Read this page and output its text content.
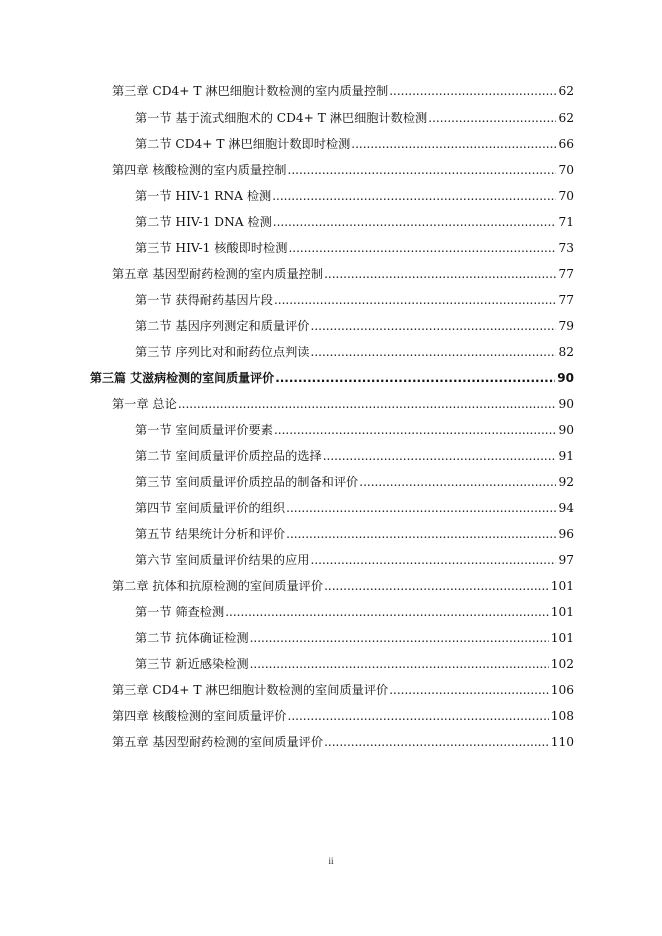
第三章 CD4+ T 淋巴细胞计数检测的室内质量控制 .....	62
第一节 基于流式细胞术的 CD4+ T 淋巴细胞计数检测 .....	62
第二节 CD4+ T 淋巴细胞计数即时检测 .....	66
第四章 核酸检测的室内质量控制 .....	70
第一节 HIV-1 RNA 检测 .....	70
第二节 HIV-1 DNA 检测 .....	71
第三节 HIV-1 核酸即时检测 .....	73
第五章 基因型耐药检测的室内质量控制 .....	77
第一节 获得耐药基因片段 .....	77
第二节 基因序列测定和质量评价 .....	79
第三节 序列比对和耐药位点判读 .....	82
第三篇 艾滋病检测的室间质量评价 .....	90
第一章 总论 .....	90
第一节 室间质量评价要素 .....	90
第二节 室间质量评价质控品的选择 .....	91
第三节 室间质量评价质控品的制备和评价 .....	92
第四节 室间质量评价的组织 .....	94
第五节 结果统计分析和评价 .....	96
第六节 室间质量评价结果的应用 .....	97
第二章 抗体和抗原检测的室间质量评价 .....	101
第一节 筛查检测 .....	101
第二节 抗体确证检测 .....	101
第三节 新近感染检测 .....	102
第三章 CD4+ T 淋巴细胞计数检测的室间质量评价 .....	106
第四章 核酸检测的室间质量评价 .....	108
第五章 基因型耐药检测的室间质量评价 .....	110
ii
